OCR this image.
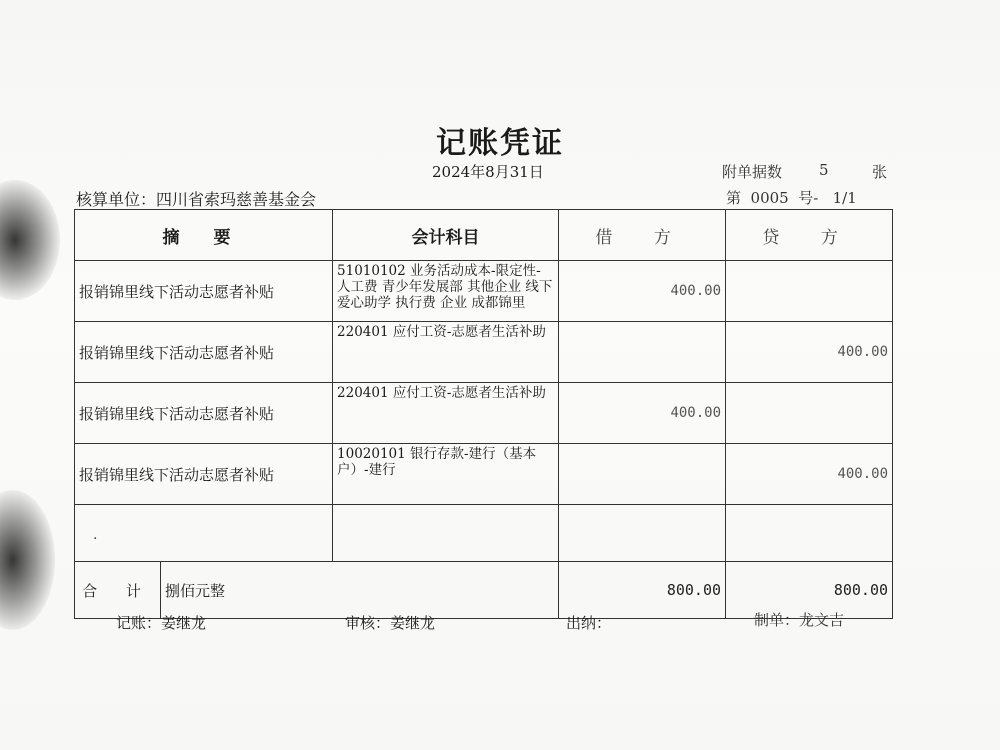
记账凭证
2024年8月31日	附单据数 5	张
核算单位：四川省索玛慈善基金会	第  0005  号-   1/1
摘 要		会计科目	借 方	贷 方
报销锦里线下活动志愿者补贴		51010102 业务活动成本-限定性-人工费 青少年发展部 其他企业 线下爱心助学 执行费 企业 成都锦里	400.00	
报销锦里线下活动志愿者补贴		220401 应付工资-志愿者生活补助		400.00
报销锦里线下活动志愿者补贴		220401 应付工资-志愿者生活补助	400.00	
报销锦里线下活动志愿者补贴		10020101 银行存款-建行（基本户）-建行		400.00
.				
合 计	捌佰元整		800.00	800.00
记账：姜继龙	审核：姜继龙	出纳：	制单：龙文吉
